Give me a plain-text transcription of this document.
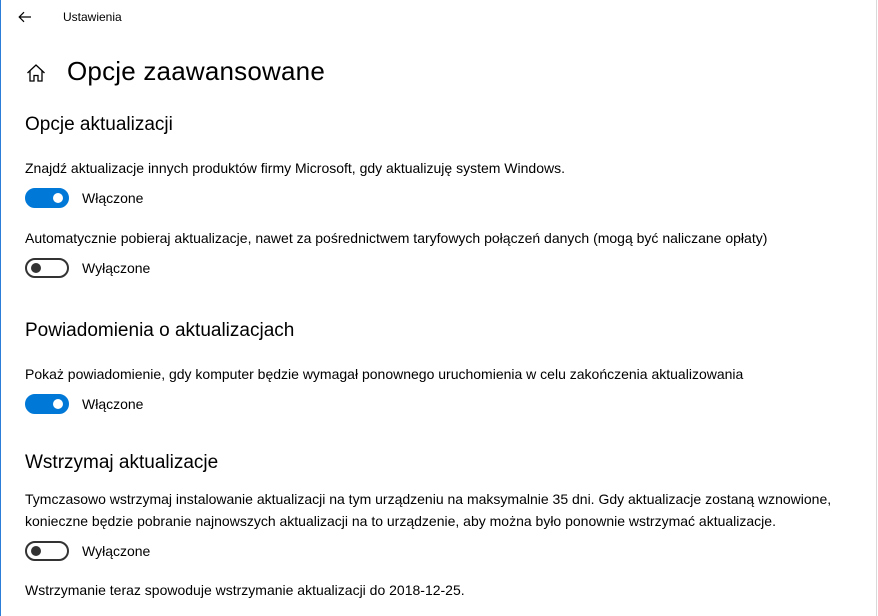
Ustawienia
Opcje zaawansowane
Opcje aktualizacji

Znajdź aktualizacje innych produktów firmy Microsoft, gdy aktualizuję system Windows.

Włączone

Automatycznie pobieraj aktualizacje, nawet za pośrednictwem taryfowych połączeń danych (mogą być naliczane opłaty)

Wyłączone
Powiadomienia o aktualizacjach

Pokaż powiadomienie, gdy komputer będzie wymagał ponownego uruchomienia w celu zakończenia aktualizowania

Włączone
Wstrzymaj aktualizacje

Tymczasowo wstrzymaj instalowanie aktualizacji na tym urządzeniu na maksymalnie 35 dni. Gdy aktualizacje zostaną wznowione,

konieczne będzie pobranie najnowszych aktualizacji na to urządzenie, aby można było ponownie wstrzymać aktualizacje.

Wyłączone

Wstrzymanie teraz spowoduje wstrzymanie aktualizacji do 2018-12-25.
